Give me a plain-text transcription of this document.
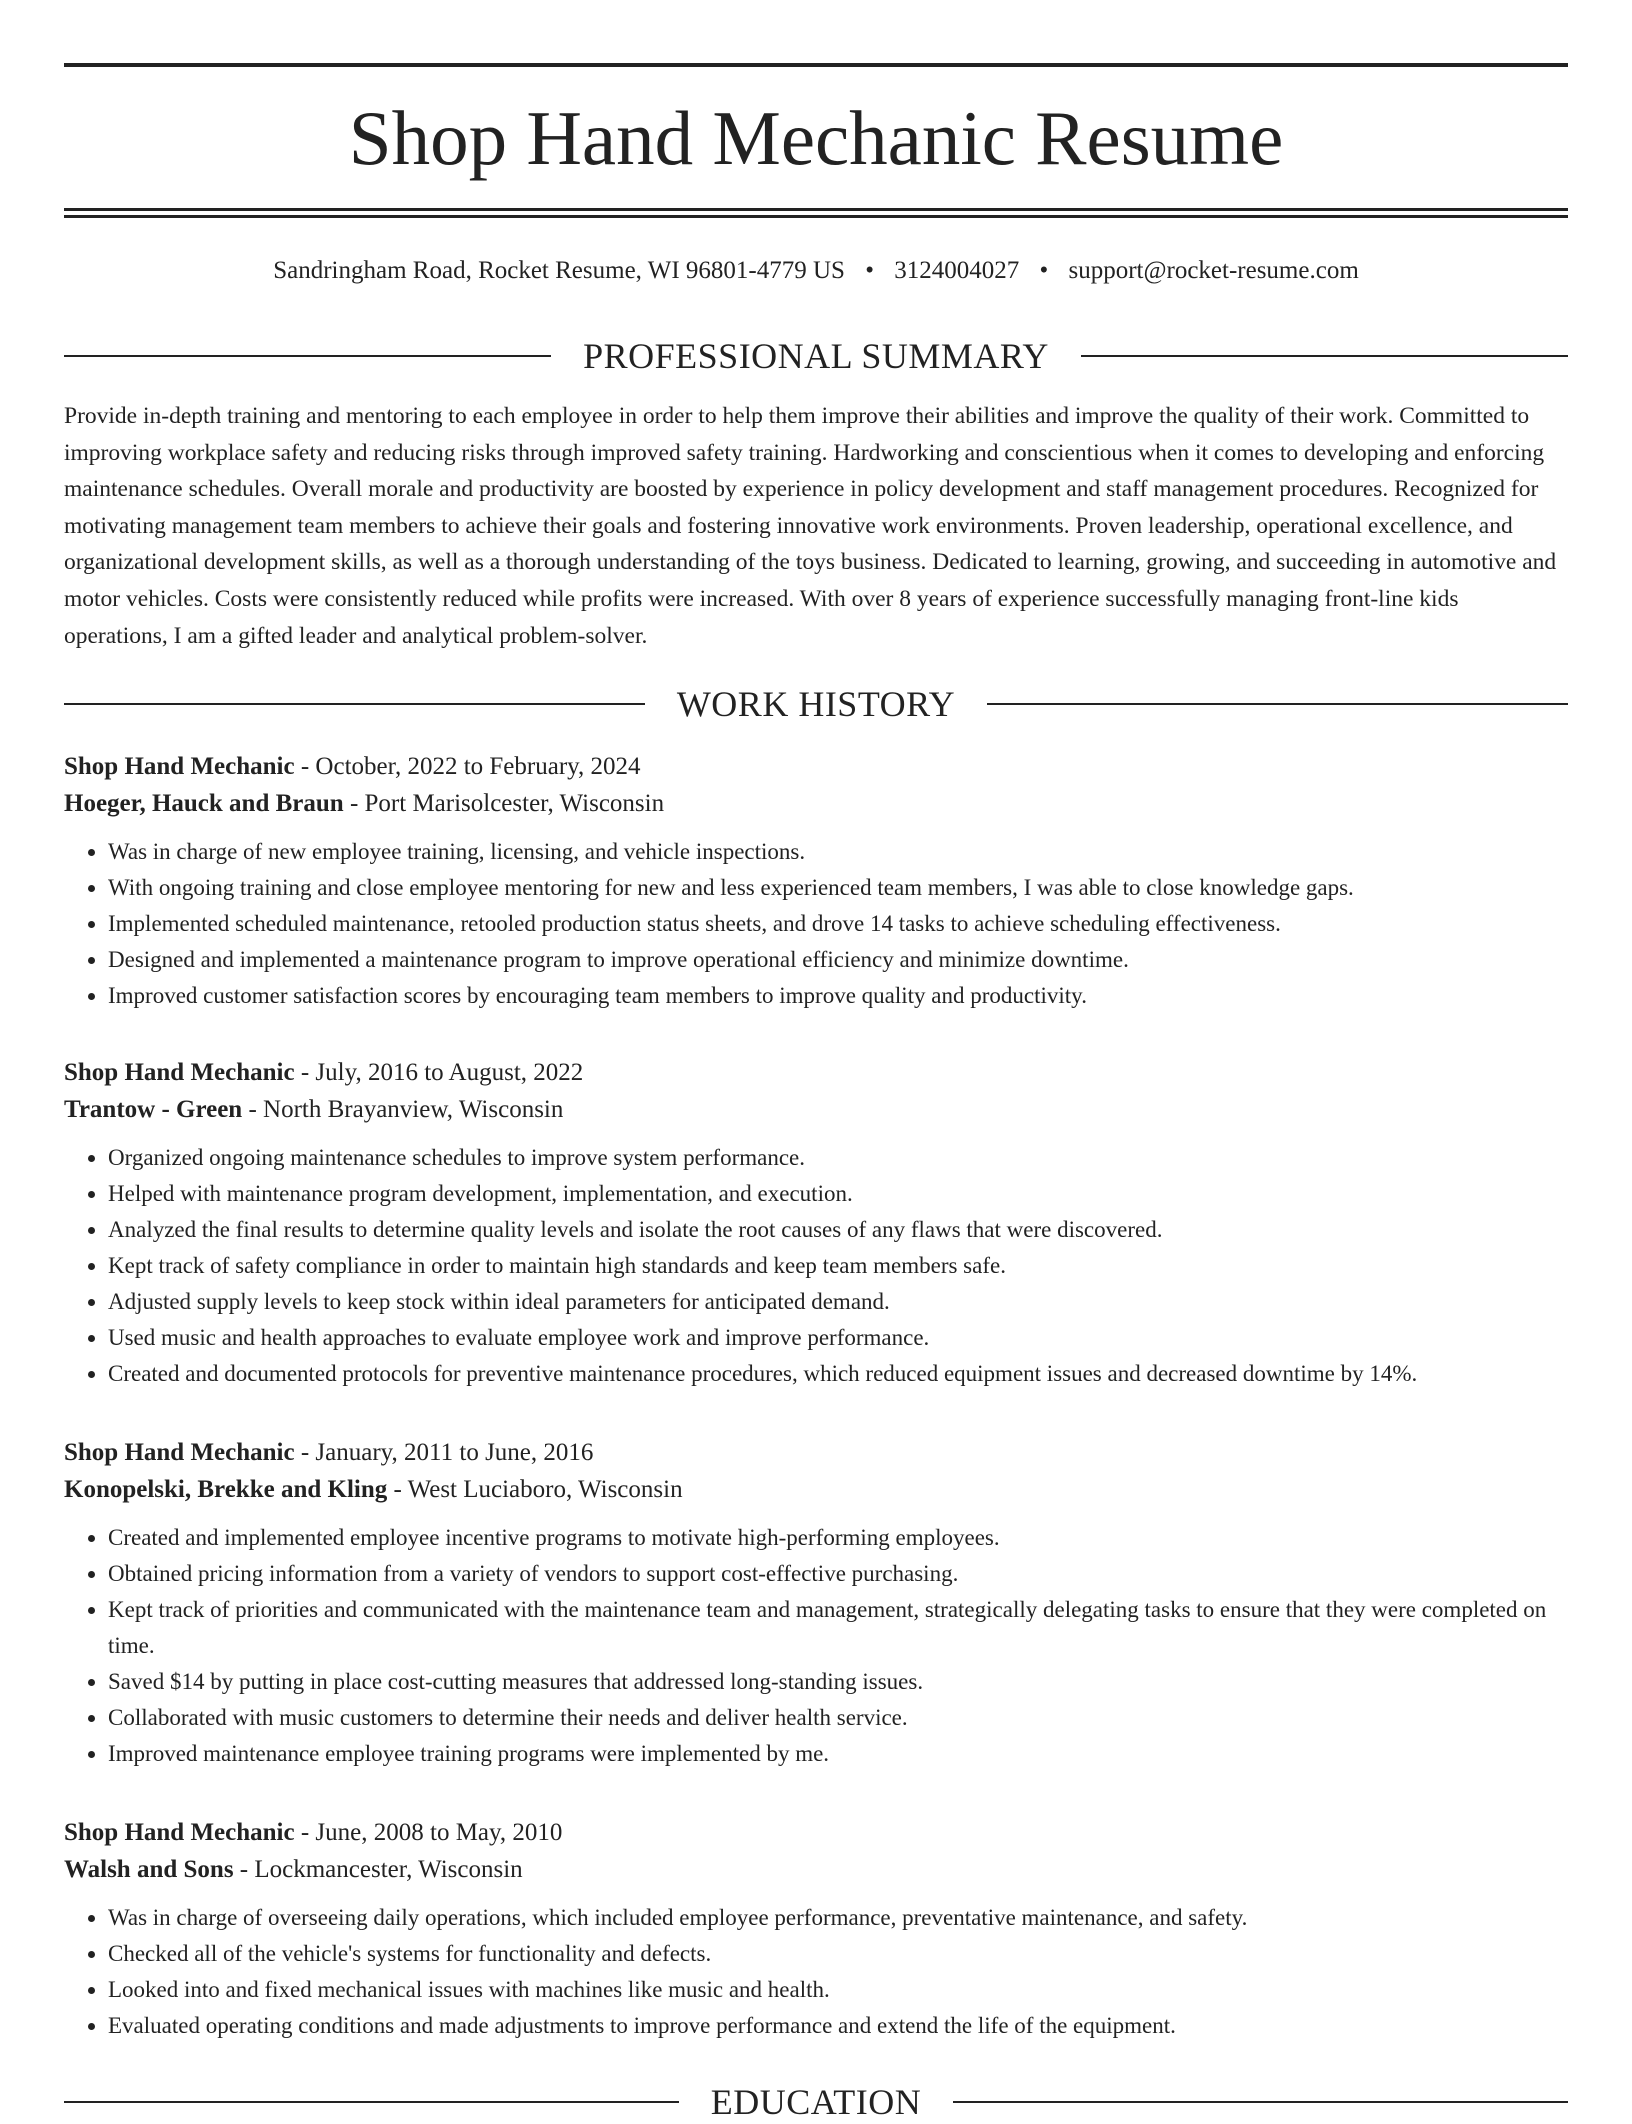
Shop Hand Mechanic Resume
Sandringham Road, Rocket Resume, WI 96801-4779 US • 3124004027 • support@rocket-resume.com
PROFESSIONAL SUMMARY

Provide in-depth training and mentoring to each employee in order to help them improve their abilities and improve the quality of their work. Committed to improving workplace safety and reducing risks through improved safety training. Hardworking and conscientious when it comes to developing and enforcing maintenance schedules. Overall morale and productivity are boosted by experience in policy development and staff management procedures. Recognized for motivating management team members to achieve their goals and fostering innovative work environments. Proven leadership, operational excellence, and organizational development skills, as well as a thorough understanding of the toys business. Dedicated to learning, growing, and succeeding in automotive and motor vehicles. Costs were consistently reduced while profits were increased. With over 8 years of experience successfully managing front-line kids operations, I am a gifted leader and analytical problem-solver.

WORK HISTORY

Shop Hand Mechanic - October, 2022 to February, 2024

Hoeger, Hauck and Braun - Port Marisolcester, Wisconsin

• Was in charge of new employee training, licensing, and vehicle inspections.
• With ongoing training and close employee mentoring for new and less experienced team members, I was able to close knowledge gaps.
• Implemented scheduled maintenance, retooled production status sheets, and drove 14 tasks to achieve scheduling effectiveness.
• Designed and implemented a maintenance program to improve operational efficiency and minimize downtime.
• Improved customer satisfaction scores by encouraging team members to improve quality and productivity.

Shop Hand Mechanic - July, 2016 to August, 2022

Trantow - Green - North Brayanview, Wisconsin

• Organized ongoing maintenance schedules to improve system performance.
• Helped with maintenance program development, implementation, and execution.
• Analyzed the final results to determine quality levels and isolate the root causes of any flaws that were discovered.
• Kept track of safety compliance in order to maintain high standards and keep team members safe.
• Adjusted supply levels to keep stock within ideal parameters for anticipated demand.
• Used music and health approaches to evaluate employee work and improve performance.
• Created and documented protocols for preventive maintenance procedures, which reduced equipment issues and decreased downtime by 14%.

Shop Hand Mechanic - January, 2011 to June, 2016

Konopelski, Brekke and Kling - West Luciaboro, Wisconsin

• Created and implemented employee incentive programs to motivate high-performing employees.
• Obtained pricing information from a variety of vendors to support cost-effective purchasing.
• Kept track of priorities and communicated with the maintenance team and management, strategically delegating tasks to ensure that they were completed on time.
• Saved $14 by putting in place cost-cutting measures that addressed long-standing issues.
• Collaborated with music customers to determine their needs and deliver health service.
• Improved maintenance employee training programs were implemented by me.

Shop Hand Mechanic - June, 2008 to May, 2010

Walsh and Sons - Lockmancester, Wisconsin

• Was in charge of overseeing daily operations, which included employee performance, preventative maintenance, and safety.
• Checked all of the vehicle's systems for functionality and defects.
• Looked into and fixed mechanical issues with machines like music and health.
• Evaluated operating conditions and made adjustments to improve performance and extend the life of the equipment.
EDUCATION
